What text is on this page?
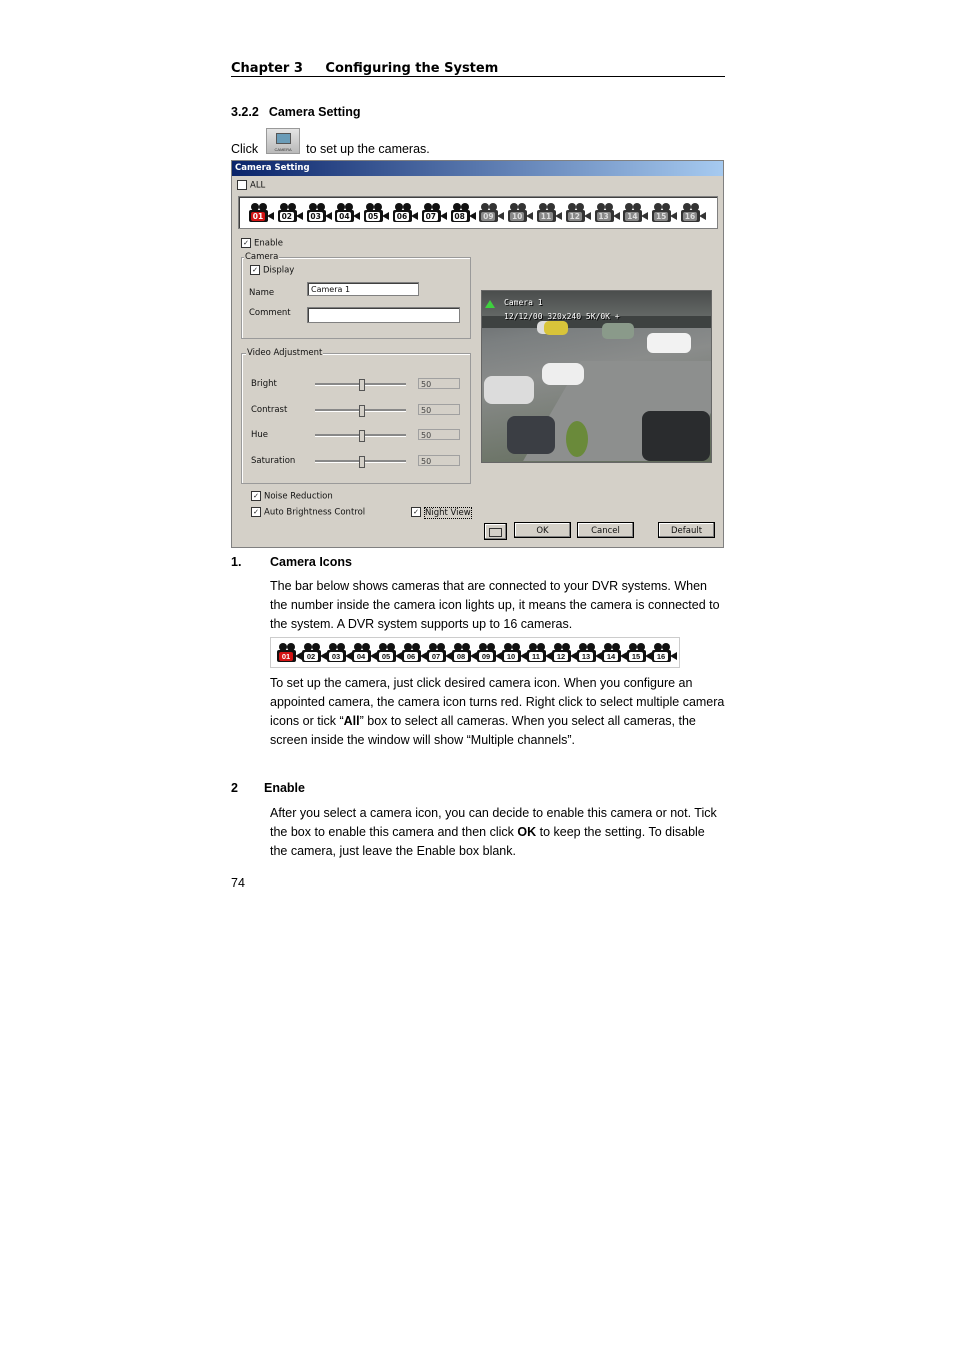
Chapter 3 Configuring the System
3.2.2 Camera Setting
Click	CAMERA	to set up the cameras.
Camera Setting
ALL
01 02 03 04 05 06 07 08 09 10 11 12 13 14 15 16
✓ Enable
Camera
✓ Display
Name	Camera 1
Comment
Video Adjustment
Bright	50
Contrast	50
Hue	50
Saturation	50
Camera 1
12/12/00 320x240 5K/0K +
✓ Noise Reduction
✓ Auto Brightness Control	✓ Night View
OK	Cancel	Default
1. Camera Icons
The bar below shows cameras that are connected to your DVR systems. When the number inside the camera icon lights up, it means the camera is connected to the system. A DVR system supports up to 16 cameras.
01	02	03	04	05	06	07	08	09	10	11	12	13	14	15	16
To set up the camera, just click desired camera icon. When you configure an appointed camera, the camera icon turns red. Right click to select multiple camera icons or tick “All” box to select all cameras. When you select all cameras, the screen inside the window will show “Multiple channels”.
2 Enable
After you select a camera icon, you can decide to enable this camera or not. Tick the box to enable this camera and then click OK to keep the setting. To disable the camera, just leave the Enable box blank.
74
